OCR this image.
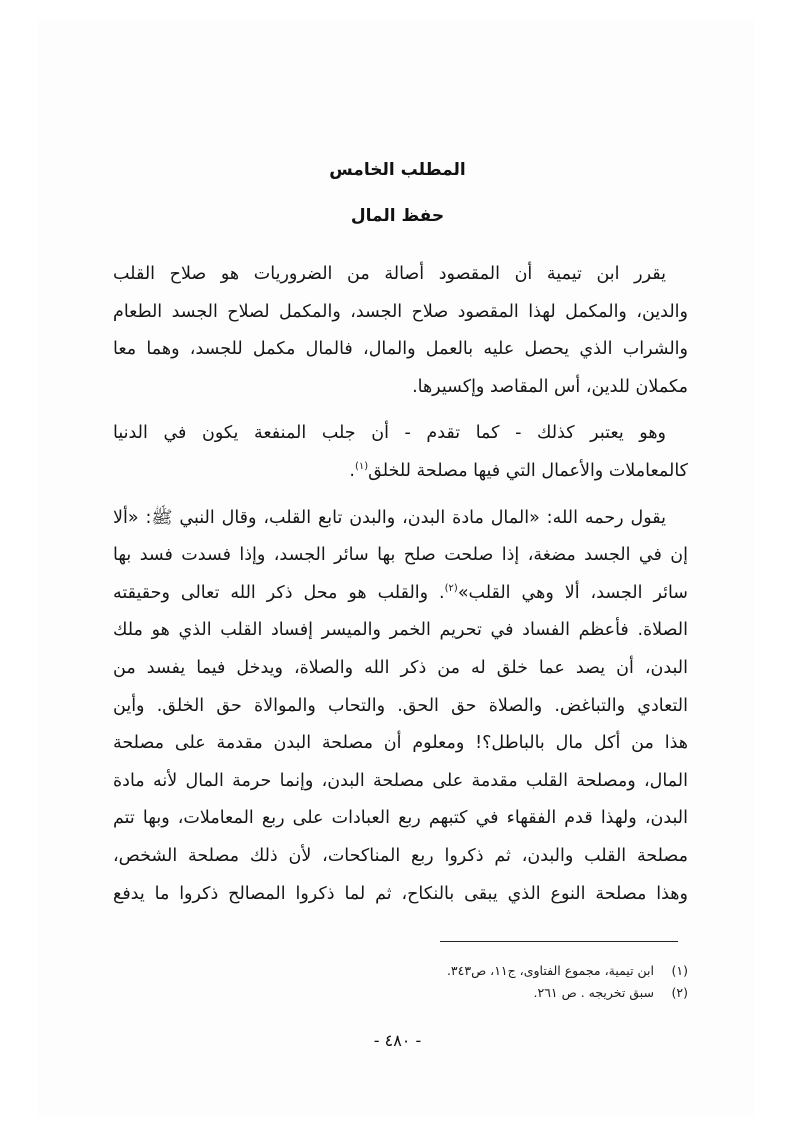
المطلب الخامس
حفظ المال
يقرر ابن تيمية أن المقصود أصالة من الضروريات هو صلاح القلب
والدين، والمكمل لهذا المقصود صلاح الجسد، والمكمل لصلاح الجسد الطعام
والشراب الذي يحصل عليه بالعمل والمال، فالمال مكمل للجسد، وهما معا
مكملان للدين، أس المقاصد وإكسيرها.
وهو يعتبر كذلك - كما تقدم - أن جلب المنفعة يكون في الدنيا
كالمعاملات والأعمال التي فيها مصلحة للخلق$^{(١)}$.
يقول رحمه الله: «المال مادة البدن، والبدن تابع القلب، وقال النبي ﷺ: «ألا
إن في الجسد مضغة، إذا صلحت صلح بها سائر الجسد، وإذا فسدت فسد بها
سائر الجسد، ألا وهي القلب»$^{(٢)}$. والقلب هو محل ذكر الله تعالى وحقيقته
الصلاة. فأعظم الفساد في تحريم الخمر والميسر إفساد القلب الذي هو ملك
البدن، أن يصد عما خلق له من ذكر الله والصلاة، ويدخل فيما يفسد من
التعادي والتباغض. والصلاة حق الحق. والتحاب والموالاة حق الخلق. وأين
هذا من أكل مال بالباطل؟! ومعلوم أن مصلحة البدن مقدمة على مصلحة
المال، ومصلحة القلب مقدمة على مصلحة البدن، وإنما حرمة المال لأنه مادة
البدن، ولهذا قدم الفقهاء في كتبهم ربع العبادات على ربع المعاملات، وبها تتم
مصلحة القلب والبدن، ثم ذكروا ربع المناكحات، لأن ذلك مصلحة الشخص،
وهذا مصلحة النوع الذي يبقى بالنكاح، ثم لما ذكروا المصالح ذكروا ما يدفع
(١) ابن تيمية، مجموع الفتاوى، ج١١، ص٣٤٣.
(٢) سبق تخريجه . ص ٢٦١.
- ٤٨٠ -
